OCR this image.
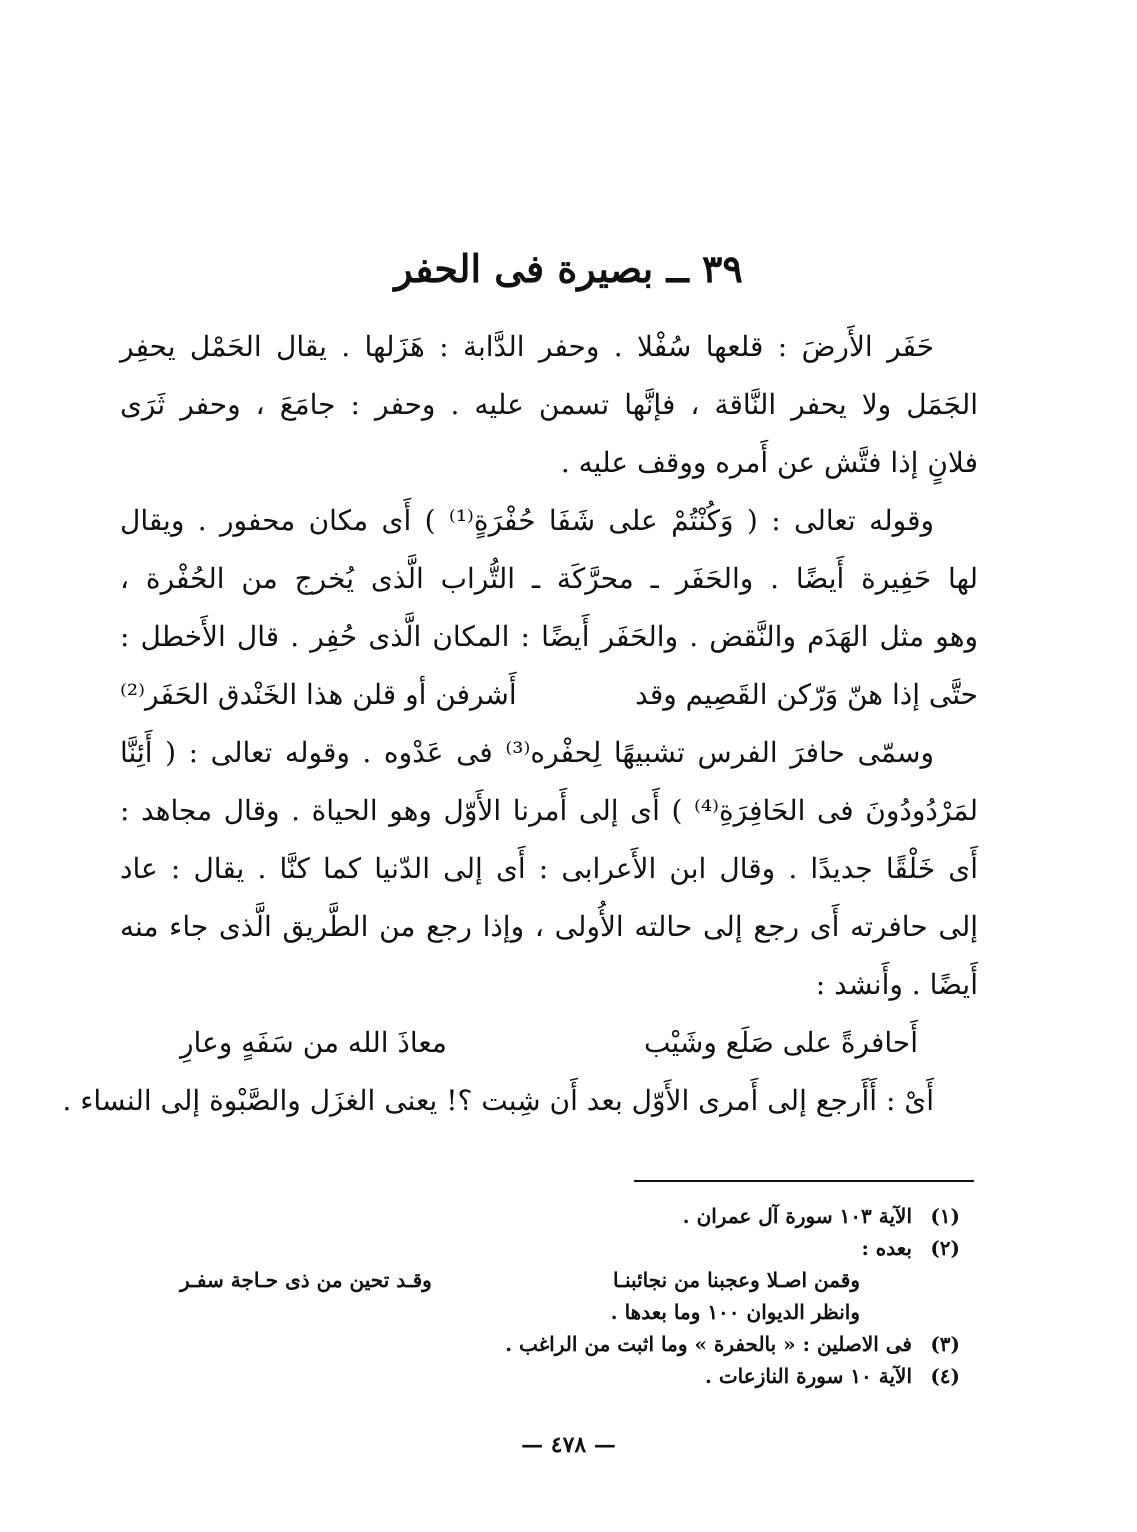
٣٩ ــ بصيرة فى الحفر
حَفَر الأَرضَ : قلعها سُفْلا . وحفر الدَّابة : هَزَلها . يقال الحَمْل يحفِر
الجَمَل ولا يحفر النَّاقة ، فإنَّها تسمن عليه . وحفر : جامَعَ ، وحفر ثَرَى
فلانٍ إذا فتَّش عن أَمره ووقف عليه .
وقوله تعالى : ( وَكُنْتُمْ على شَفَا حُفْرَةٍ⁽¹⁾ ) أَى مكان محفور . ويقال
لها حَفِيرة أَيضًا . والحَفَر ـ محرَّكَة ـ التُّراب الَّذى يُخرج من الحُفْرة ،
وهو مثل الهَدَم والنَّقض . والحَفَر أَيضًا : المكان الَّذى حُفِر . قال الأَخطل :
حتَّى إذا هنّ وَرّكن القَصِيم وقد
أَشرفن أو قلن هذا الخَنْدق الحَفَر⁽²⁾
وسمّى حافرَ الفرس تشبيهًا لِحفْره⁽³⁾ فى عَدْوه . وقوله تعالى : ( أَئِنَّا
لمَرْدُودُونَ فى الحَافِرَةِ⁽⁴⁾ ) أَى إلى أَمرنا الأَوّل وهو الحياة . وقال مجاهد :
أَى خَلْقًا جديدًا . وقال ابن الأَعرابى : أَى إلى الدّنيا كما كنَّا . يقال : عاد
إلى حافرته أَى رجع إلى حالته الأُولى ، وإذا رجع من الطَّريق الَّذى جاء منه
أَيضًا . وأَنشد :
أَحافرةً على صَلَع وشَيْب
معاذَ الله من سَفَهٍ وعارِ
أَىْ : أَأَرجع إلى أَمرى الأَوّل بعد أَن شِبت ؟! يعنى الغزَل والصَّبْوة إلى النساء .
(١)
الآية ١٠٣ سورة آل عمران .
(٢)
بعده :
وقمن اصـلا وعجبنا من نجائبنـا
وقـد تحين من ذى حـاجة سفـر
وانظر الديوان ١٠٠ وما بعدها .
(٣)
فى الاصلين : « بالحفرة » وما اثبت من الراغب .
(٤)
الآية ١٠ سورة النازعات .
— ٤٧٨ —
